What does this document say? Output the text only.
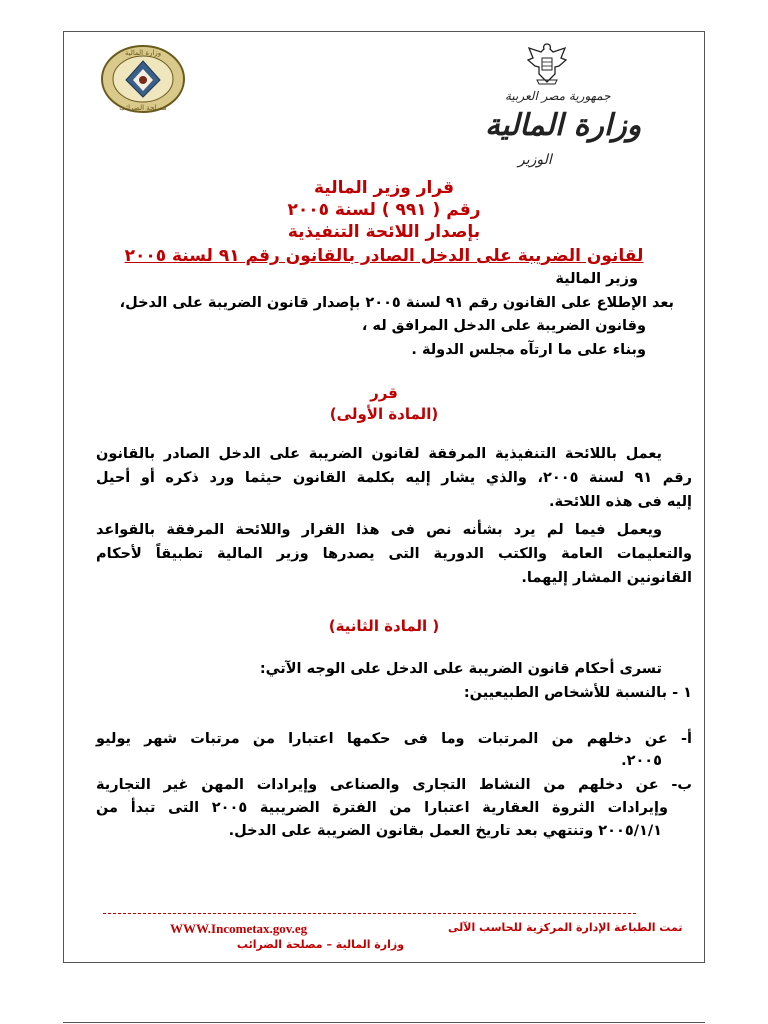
وزارة المالية
مصلحة الضرائب
جمهورية مصر العربية
وزارة المالية
الوزير
قرار وزير المالية
رقم ( ٩٩١ ) لسنة ٢٠٠٥
بإصدار اللائحة التنفيذية
لقانون الضريبة على الدخل الصادر بالقانون رقم ٩١ لسنة ٢٠٠٥
وزير المالية
بعد الإطلاع على القانون رقم ٩١ لسنة ٢٠٠٥ بإصدار قانون الضريبة على الدخل،
وقانون الضريبة على الدخل المرافق له ،
وبناء على ما ارتآه مجلس الدولة .
قرر
(المادة الأولى)
يعمل باللائحة التنفيذية المرفقة لقانون الضريبة على الدخل الصادر بالقانون
رقم ٩١ لسنة ٢٠٠٥، والذي يشار إليه بكلمة القانون حيثما ورد ذكره أو أحيل
إليه فى هذه اللائحة.
ويعمل فيما لم يرد بشأنه نص فى هذا القرار واللائحة المرفقة بالقواعد
والتعليمات العامة والكتب الدورية التى يصدرها وزير المالية تطبيقاً لأحكام
القانونين المشار إليهما.
( المادة الثانية)
تسرى أحكام قانون الضريبة على الدخل على الوجه الآتي:
١ - بالنسبة للأشخاص الطبيعيين:
أ- عن دخلهم من المرتبات وما فى حكمها اعتبارا من مرتبات شهر يوليو
٢٠٠٥.
ب- عن دخلهم من النشاط التجارى والصناعى وإيرادات المهن غير التجارية
وإيرادات الثروة العقارية اعتبارا من الفترة الضريبية ٢٠٠٥ التى تبدأ من
٢٠٠٥/١/١ وتنتهي بعد تاريخ العمل بقانون الضريبة على الدخل.
WWW.Incometax.gov.eg	تمت الطباعة الإدارة المركزية للحاسب الآلى
وزارة المالية – مصلحة الضرائب
